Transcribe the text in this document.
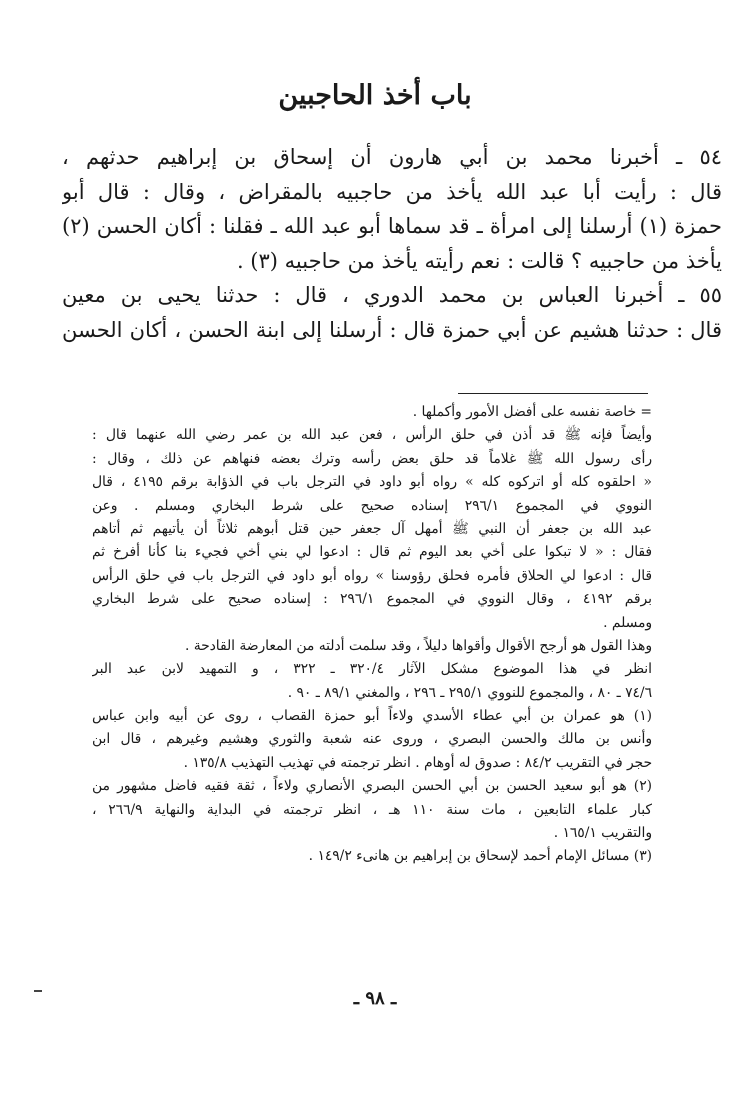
باب أخذ الحاجبين
٥٤ ـ أخبرنا محمد بن أبي هارون أن إسحاق بن إبراهيم حدثهم ،
قال : رأيت أبا عبد الله يأخذ من حاجبيه بالمقراض ، وقال : قال أبو
حمزة (١) أرسلنا إلى امرأة ـ قد سماها أبو عبد الله ـ فقلنا : أكان الحسن (٢)
يأخذ من حاجبيه ؟ قالت : نعم رأيته يأخذ من حاجبيه (٣) .
٥٥ ـ أخبرنا العباس بن محمد الدوري ، قال : حدثنا يحيى بن معين
قال : حدثنا هشيم عن أبي حمزة قال : أرسلنا إلى ابنة الحسن ، أكان الحسن
= خاصة نفسه على أفضل الأمور وأكملها .
وأيضاً فإنه ﷺ قد أذن في حلق الرأس ، فعن عبد الله بن عمر رضي الله عنهما قال :
رأى رسول الله ﷺ غلاماً قد حلق بعض رأسه وترك بعضه فنهاهم عن ذلك ، وقال :
« احلقوه كله أو اتركوه كله » رواه أبو داود في الترجل باب في الذؤابة برقم ٤١٩٥ ، قال
النووي في المجموع ٢٩٦/١ إسناده صحيح على شرط البخاري ومسلم . وعن
عبد الله بن جعفر أن النبي ﷺ أمهل آل جعفر حين قتل أبوهم ثلاثاً أن يأتيهم ثم أتاهم
فقال : « لا تبكوا على أخي بعد اليوم ثم قال : ادعوا لي بني أخي فجيء بنا كأنا أفرخ ثم
قال : ادعوا لي الحلاق فأمره فحلق رؤوسنا » رواه أبو داود في الترجل باب في حلق الرأس
برقم ٤١٩٢ ، وقال النووي في المجموع ٢٩٦/١ : إسناده صحيح على شرط البخاري
ومسلم .
وهذا القول هو أرجح الأقوال وأقواها دليلاً ، وقد سلمت أدلته من المعارضة القادحة .
انظر في هذا الموضوع مشكل الآثار ٣٢٠/٤ ـ ٣٢٢ ، و التمهيد لابن عبد البر
٧٤/٦ ـ ٨٠ ، والمجموع للنووي ٢٩٥/١ ـ ٢٩٦ ، والمغني ٨٩/١ ـ ٩٠ .
(١) هو عمران بن أبي عطاء الأسدي ولاءاً أبو حمزة القصاب ، روى عن أبيه وابن عباس
وأنس بن مالك والحسن البصري ، وروى عنه شعبة والثوري وهشيم وغيرهم ، قال ابن
حجر في التقريب ٨٤/٢ : صدوق له أوهام . انظر ترجمته في تهذيب التهذيب ١٣٥/٨ .
(٢) هو أبو سعيد الحسن بن أبي الحسن البصري الأنصاري ولاءاً ، ثقة فقيه فاضل مشهور من
كبار علماء التابعين ، مات سنة ١١٠ هـ ، انظر ترجمته في البداية والنهاية ٢٦٦/٩ ،
والتقريب ١٦٥/١ .
(٣) مسائل الإمام أحمد لإسحاق بن إبراهيم بن هانىء ١٤٩/٢ .
ـ ٩٨ ـ
